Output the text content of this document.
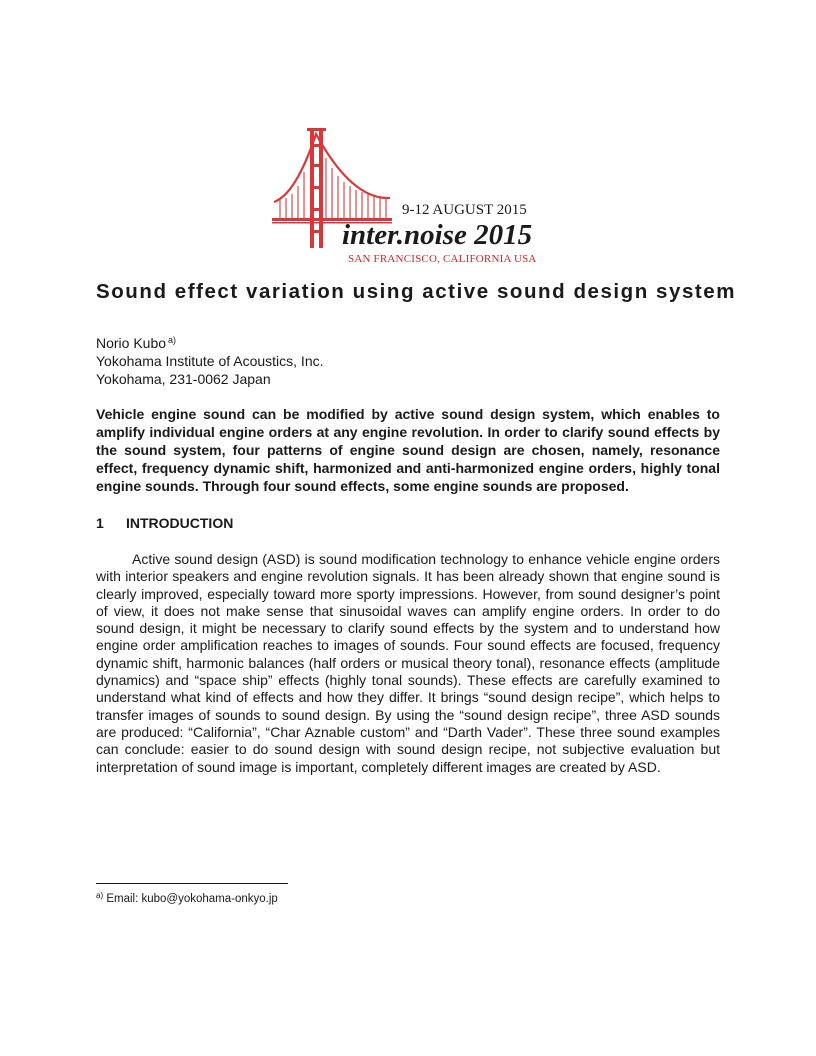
9-12 AUGUST 2015
inter.noise 2015
SAN FRANCISCO, CALIFORNIA USA
Sound effect variation using active sound design system
Norio Kubo $^{a)}$
Yokohama Institute of Acoustics, Inc.
Yokohama, 231-0062 Japan

Vehicle engine sound can be modified by active sound design system, which enables to amplify individual engine orders at any engine revolution. In order to clarify sound effects by the sound system, four patterns of engine sound design are chosen, namely, resonance effect, frequency dynamic shift, harmonized and anti-harmonized engine orders, highly tonal engine sounds. Through four sound effects, some engine sounds are proposed.

1 INTRODUCTION

Active sound design (ASD) is sound modification technology to enhance vehicle engine orders with interior speakers and engine revolution signals. It has been already shown that engine sound is clearly improved, especially toward more sporty impressions. However, from sound designer’s point of view, it does not make sense that sinusoidal waves can amplify engine orders. In order to do sound design, it might be necessary to clarify sound effects by the system and to understand how engine order amplification reaches to images of sounds. Four sound effects are focused, frequency dynamic shift, harmonic balances (half orders or musical theory tonal), resonance effects (amplitude dynamics) and “space ship” effects (highly tonal sounds). These effects are carefully examined to understand what kind of effects and how they differ. It brings “sound design recipe”, which helps to transfer images of sounds to sound design. By using the “sound design recipe”, three ASD sounds are produced: “California”, “Char Aznable custom” and “Darth Vader”. These three sound examples can conclude: easier to do sound design with sound design recipe, not subjective evaluation but interpretation of sound image is important, completely different images are created by ASD.

$^{a)}$ Email: kubo@yokohama-onkyo.jp
